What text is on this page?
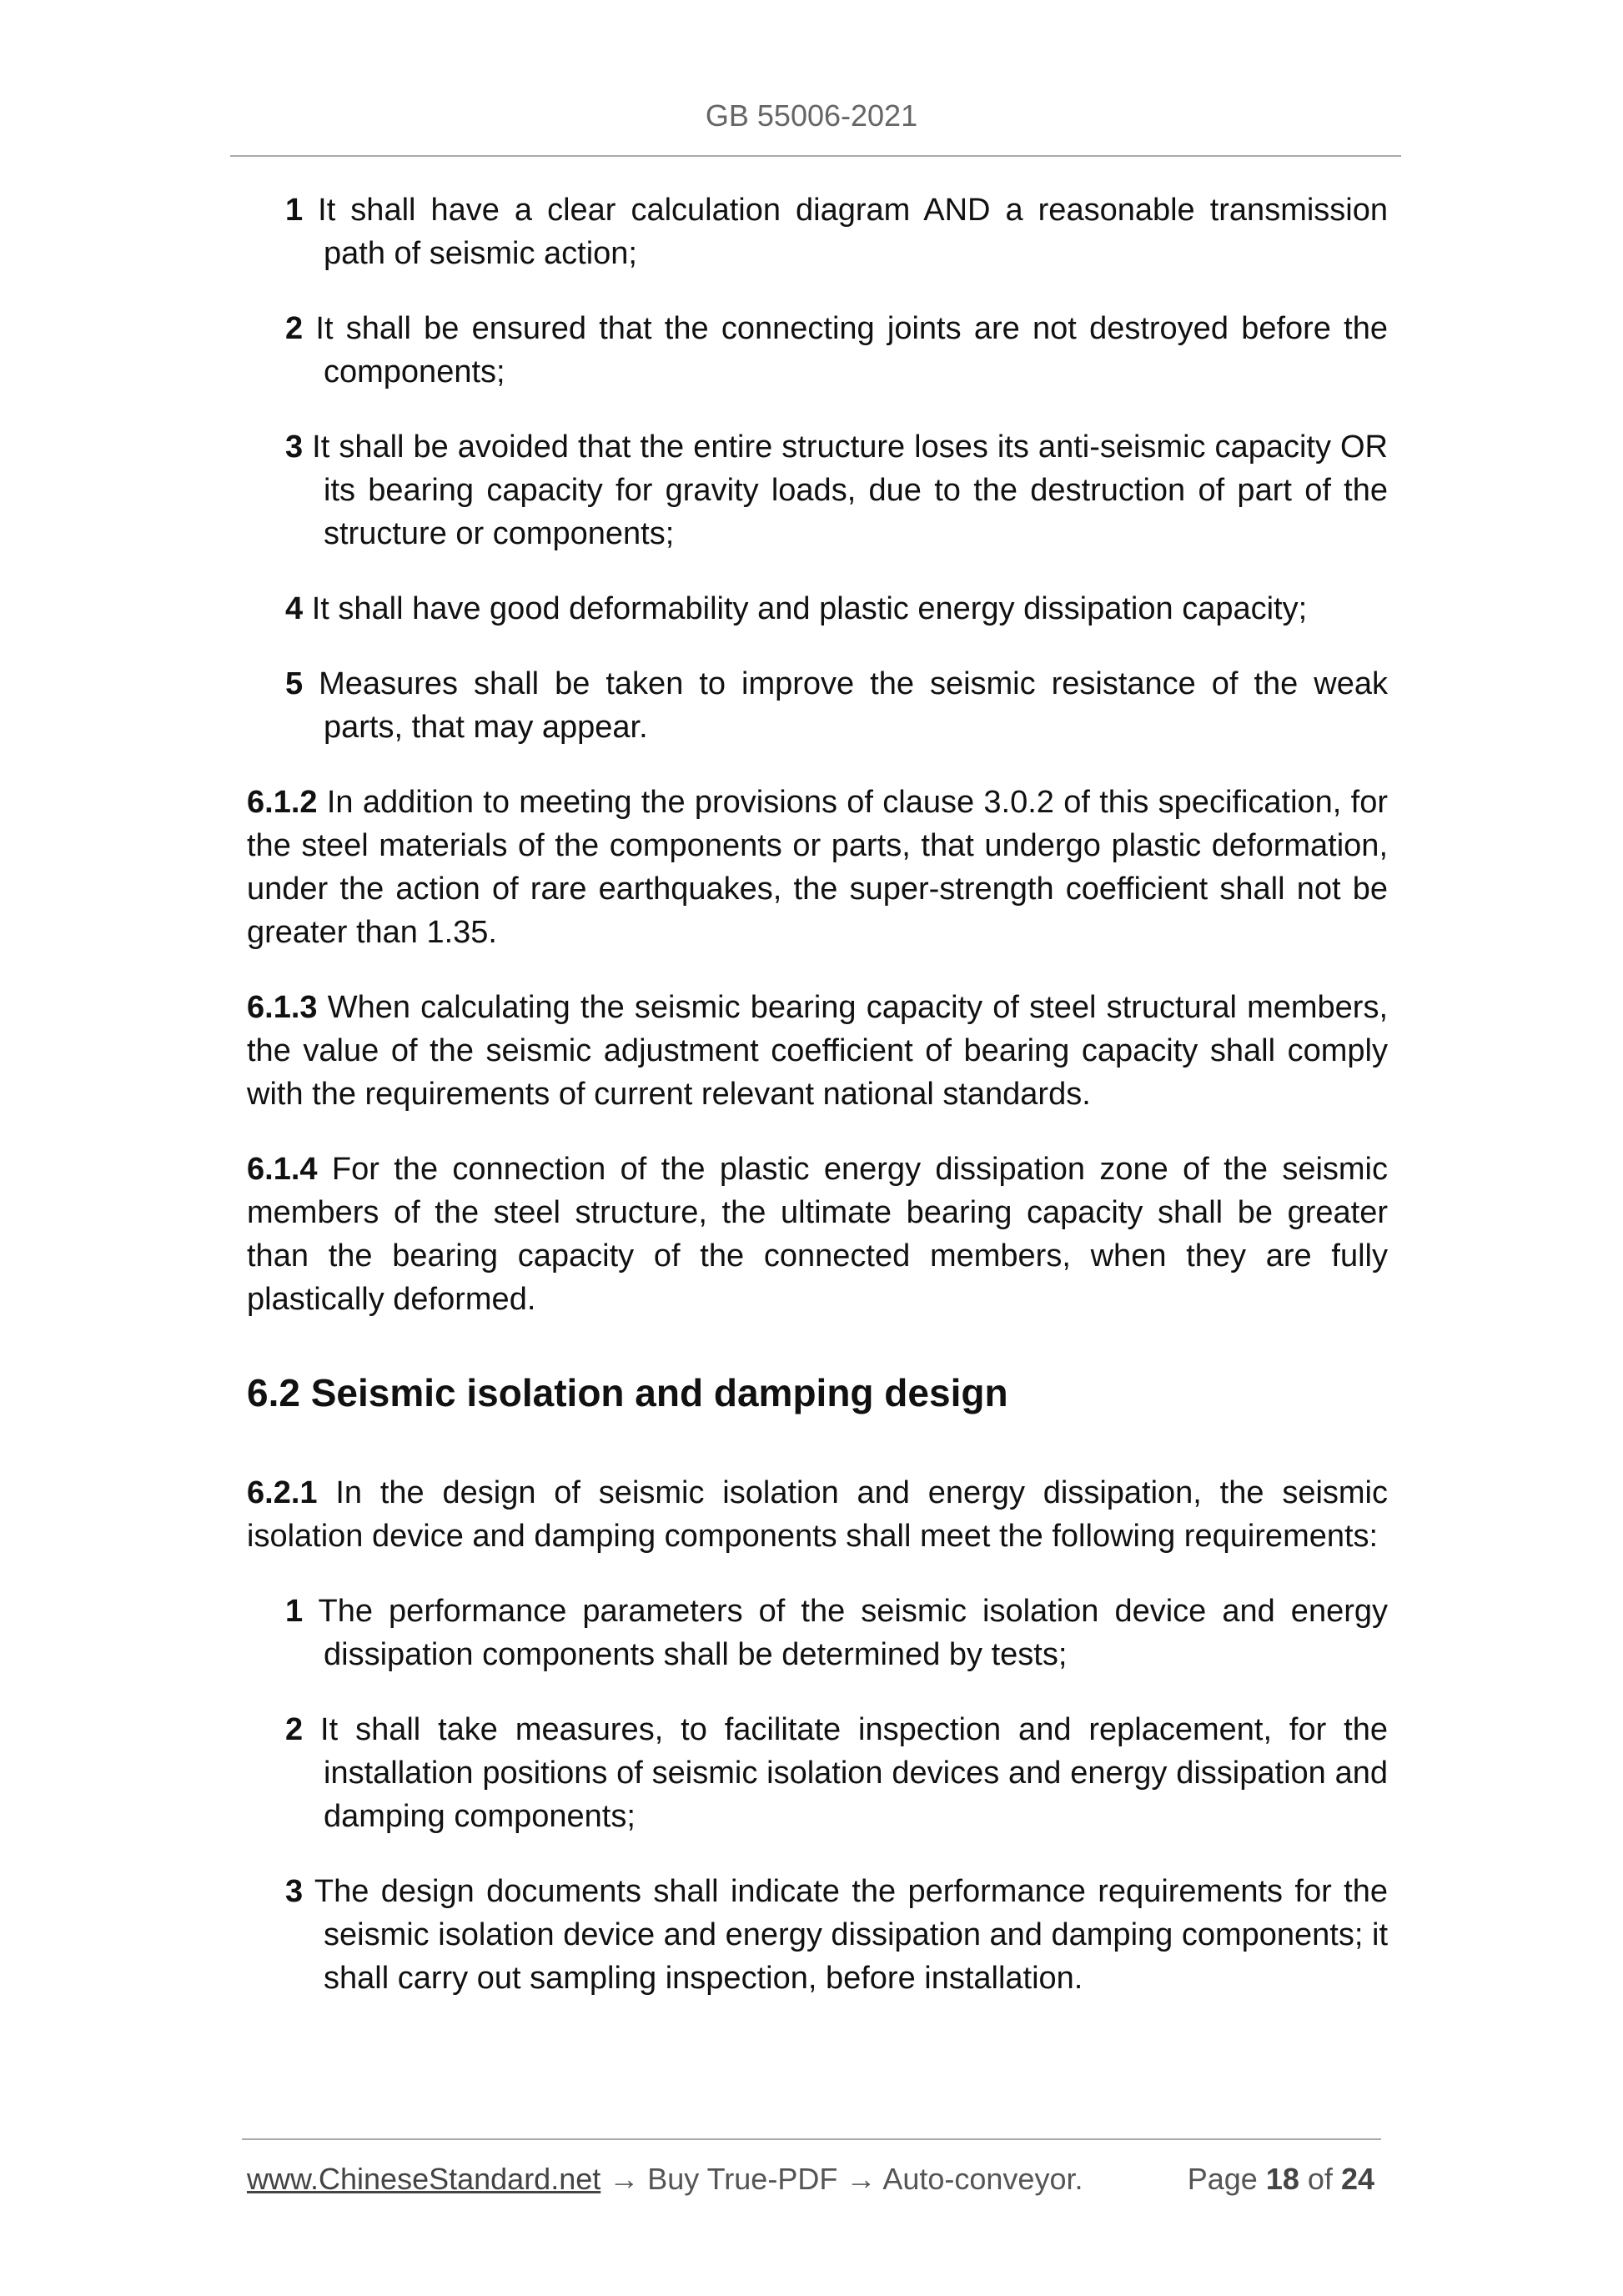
GB 55006-2021
1 It shall have a clear calculation diagram AND a reasonable transmission path of seismic action;
2 It shall be ensured that the connecting joints are not destroyed before the components;
3 It shall be avoided that the entire structure loses its anti-seismic capacity OR its bearing capacity for gravity loads, due to the destruction of part of the structure or components;
4 It shall have good deformability and plastic energy dissipation capacity;
5 Measures shall be taken to improve the seismic resistance of the weak parts, that may appear.
6.1.2 In addition to meeting the provisions of clause 3.0.2 of this specification, for the steel materials of the components or parts, that undergo plastic deformation, under the action of rare earthquakes, the super-strength coefficient shall not be greater than 1.35.
6.1.3 When calculating the seismic bearing capacity of steel structural members, the value of the seismic adjustment coefficient of bearing capacity shall comply with the requirements of current relevant national standards.
6.1.4 For the connection of the plastic energy dissipation zone of the seismic members of the steel structure, the ultimate bearing capacity shall be greater than the bearing capacity of the connected members, when they are fully plastically deformed.
6.2 Seismic isolation and damping design
6.2.1 In the design of seismic isolation and energy dissipation, the seismic isolation device and damping components shall meet the following requirements:
1 The performance parameters of the seismic isolation device and energy dissipation components shall be determined by tests;
2 It shall take measures, to facilitate inspection and replacement, for the installation positions of seismic isolation devices and energy dissipation and damping components;
3 The design documents shall indicate the performance requirements for the seismic isolation device and energy dissipation and damping components; it shall carry out sampling inspection, before installation.
www.ChineseStandard.net → Buy True-PDF → Auto-conveyor.	Page 18 of 24
